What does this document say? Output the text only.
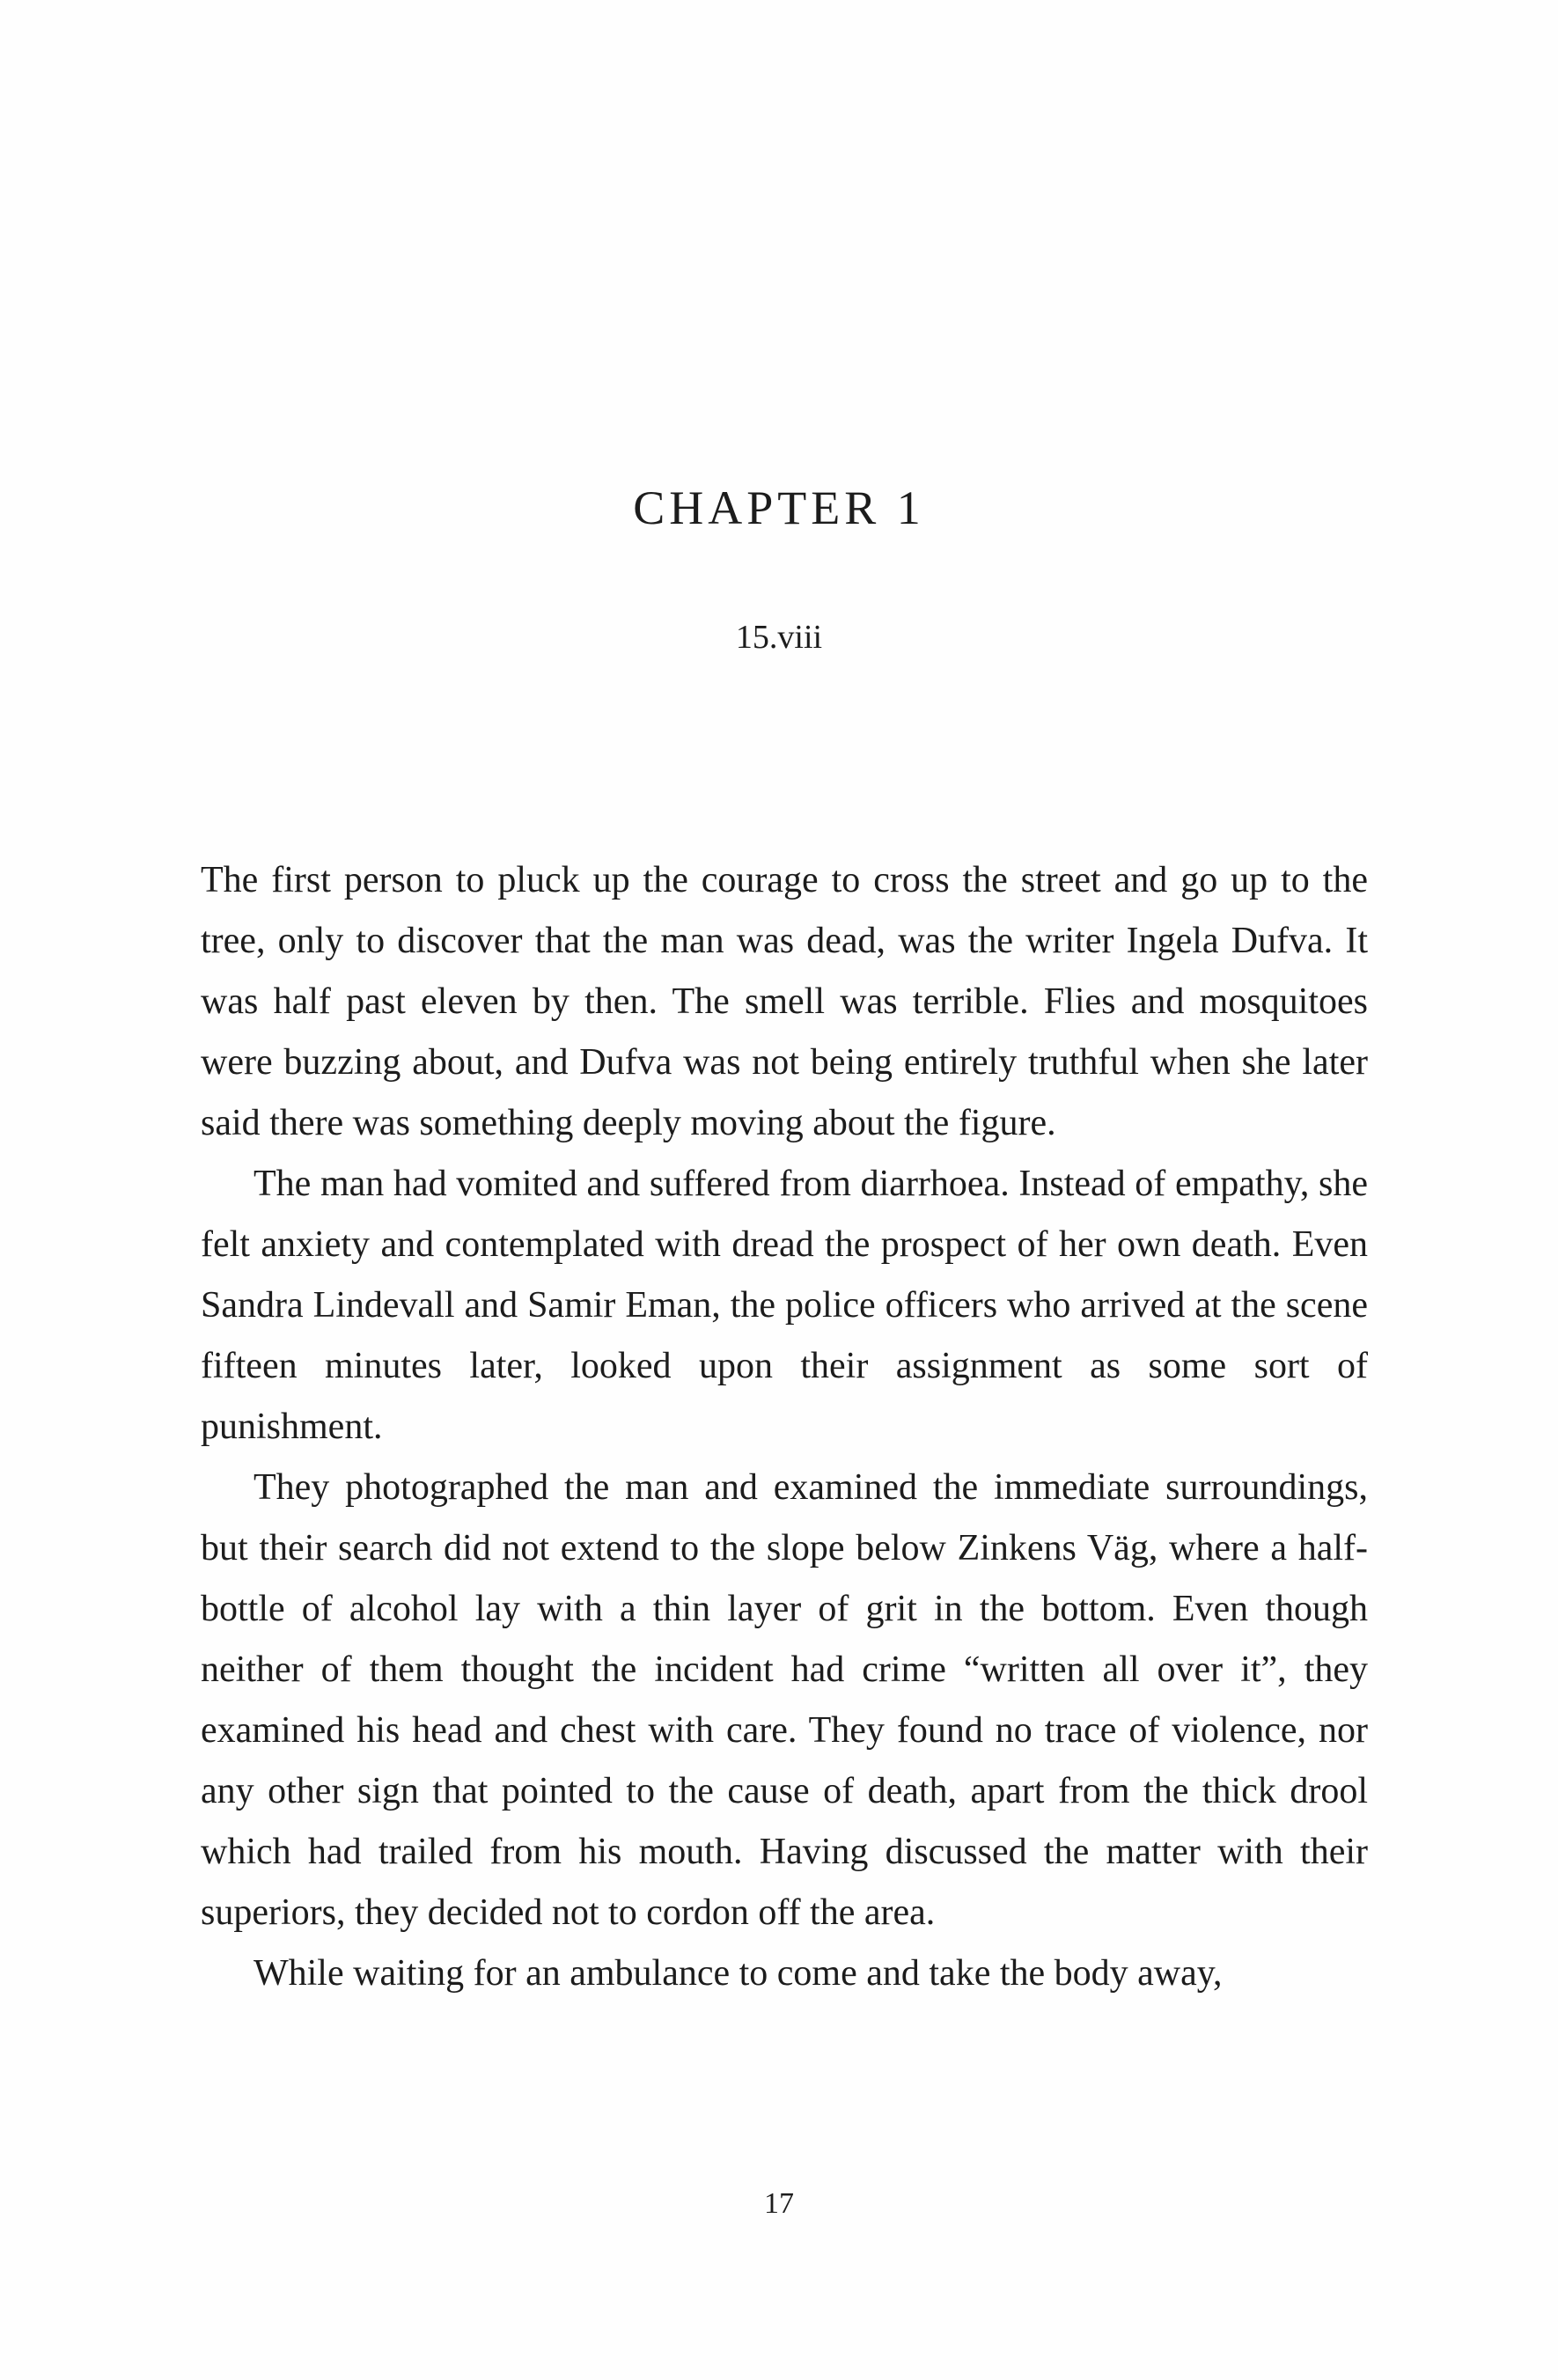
CHAPTER 1
15.viii

The first person to pluck up the courage to cross the street and go up to the tree, only to discover that the man was dead, was the writer Ingela Dufva. It was half past eleven by then. The smell was terrible. Flies and mosquitoes were buzzing about, and Dufva was not being entirely truthful when she later said there was something deeply moving about the figure.

The man had vomited and suffered from diarrhoea. Instead of empathy, she felt anxiety and contemplated with dread the prospect of her own death. Even Sandra Lindevall and Samir Eman, the police officers who arrived at the scene fifteen minutes later, looked upon their assignment as some sort of punishment.

They photographed the man and examined the immediate surroundings, but their search did not extend to the slope below Zinkens Väg, where a half-bottle of alcohol lay with a thin layer of grit in the bottom. Even though neither of them thought the incident had crime “written all over it”, they examined his head and chest with care. They found no trace of violence, nor any other sign that pointed to the cause of death, apart from the thick drool which had trailed from his mouth. Having discussed the matter with their superiors, they decided not to cordon off the area.

While waiting for an ambulance to come and take the body away,

17
